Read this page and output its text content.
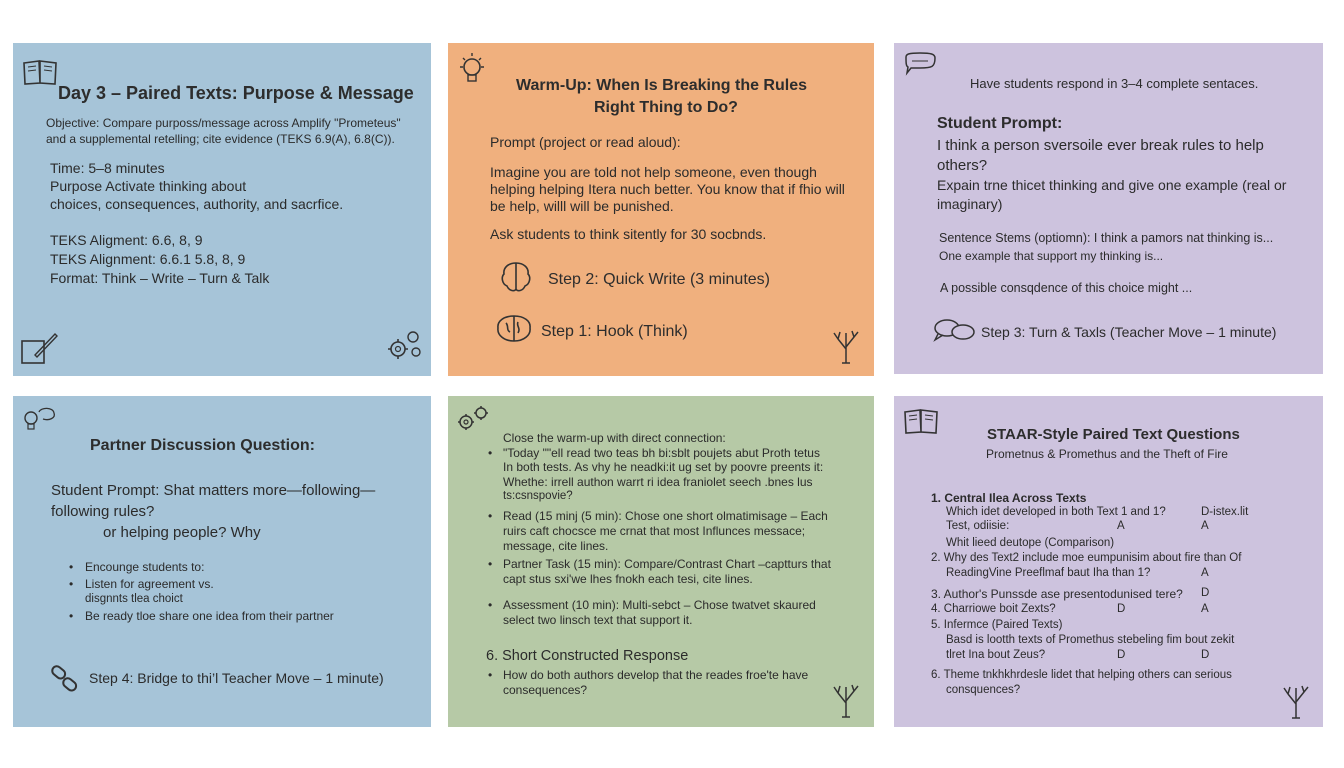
Day 3 – Paired Texts: Purpose & Message
Objective: Compare purposs/message across Amplify "Prometeus"
and a supplemental retelling; cite evidence (TEKS 6.9(A), 6.8(C)).
Time: 5–8 minutes
Purpose Activate thinking about
choices, consequences, authority, and sacrfice.
TEKS Aligment: 6.6, 8, 9
TEKS Alignment: 6.6.1 5.8, 8, 9
Format: Think – Write – Turn & Talk
Warm-Up: When Is Breaking the Rules
Right Thing to Do?
Prompt (project or read aloud):
Imagine you are told not help someone, even though
helping helping Itera nuch better. You know that if fhio will
be help, willl will be punished.
Ask students to think sitently for 30 socbnds.
Step 2: Quick Write (3 minutes)
Step 1: Hook (Think)
Have students respond in 3–4 complete sentaces.
Student Prompt:
I think a person svers⁠oile ever break rules to help
others?
Expain trne thicet thinking and give one example (real or
imaginary)
Sentence Stems (optiomn): I think a pamors nat thinking is...
One example that support my thinking is...
A possible consqdence of this choice might ...
Step 3: Turn & Taxls (Teacher Move – 1 minute)
Partner Discussion Question:
Student Prompt: Shat matters more—following—
following rules?
or helping people? Why
• Encounge students to:
• Listen for agreement vs.
disgnnts tlea choict
• Be ready tloe share one idea from their partner
Step 4: Bridge to thi’l Teacher Move – 1 minute)
Close the warm-up with direct connection:
• "Today ""ell read two teas bh bi:sblt poujets abut Proth tetus
In both tests. As vhy he neadki:it ug set by poovre preents it:
Whethe: irrell authon warrt ri idea franiolet seech .bnes lus
ts:csnspovie?
• Read (15 minj (5 min): Chose one short olmatimisage – Each
ruirs caft chocsce me crnat that most Influnces messace;
message, cite lines.
• Partner Task (15 min): Compare/Contrast Chart –captturs that
capt stus sxi'we lhes fnokh each tesi, cite lines.
• Assessment (10 min): Multi-sebct – Chose twatvet skaured
select two linsch text that support it.
6. Short Constructed Response
• How do both authors develop that the reades froe'te have
consequences?
STAAR-Style Paired Text Questions
Prometnus & Promethus and the Theft of Fire
1. Central Ilea Across Texts
Which idet developed in both Text 1 and 1?	D-istex.lit
Test, odiisie:	A	A
Whit lieed deutope (Comparison)
2. Why des Text2 include moe eumpunisim about fire than Of
ReadingVine Preeflmaf baut Iha than 1?	A
3. Author's Punssde ase presentodunised tere? D
4. Charriowe boit Zexts?	D	A
5. Infermce (Paired Texts)
Basd is lootth texts of Promethus stebeling fim bout zekit
tlret Ina bout Zeus?	D	D
6. Theme tnkhkhrdesle lidet that helping others can serious
consquences?
